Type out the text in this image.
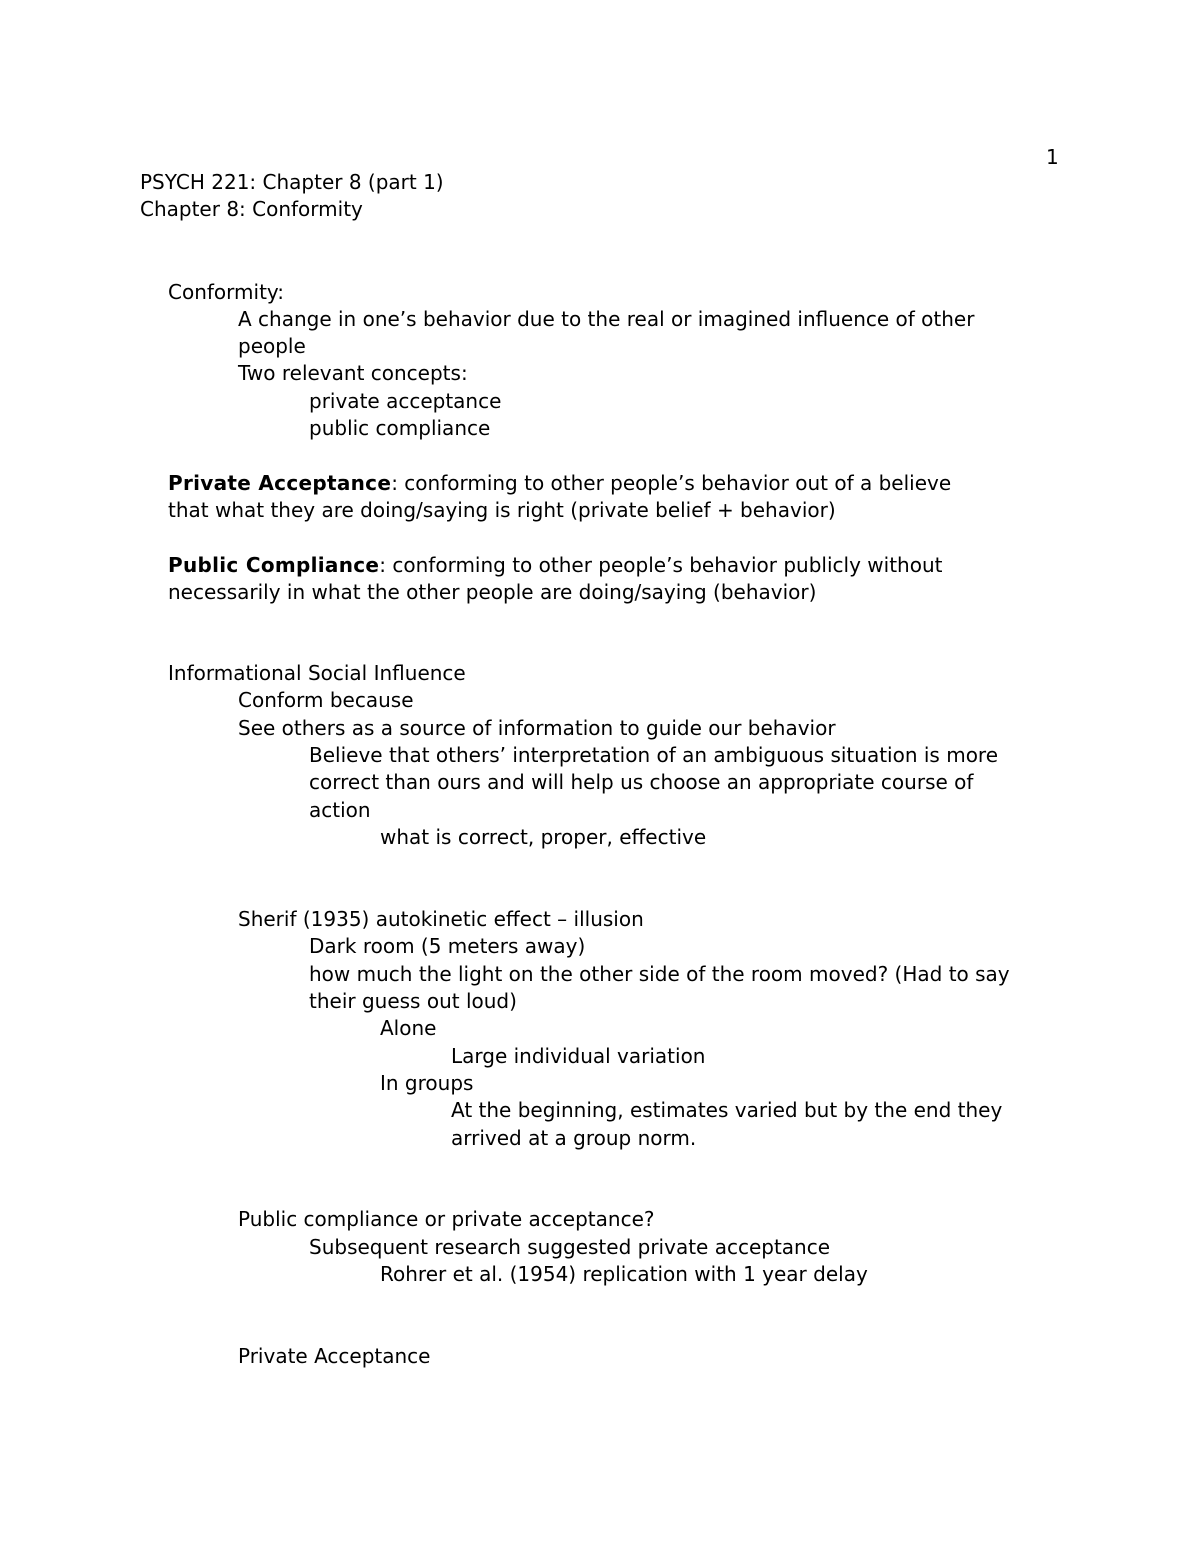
1
PSYCH 221: Chapter 8 (part 1)
Chapter 8: Conformity
Conformity:
A change in one’s behavior due to the real or imagined influence of other
people
Two relevant concepts:
private acceptance
public compliance
Private Acceptance: conforming to other people’s behavior out of a believe
that what they are doing/saying is right (private belief + behavior)
Public Compliance: conforming to other people’s behavior publicly without
necessarily in what the other people are doing/saying (behavior)
Informational Social Influence
Conform because
See others as a source of information to guide our behavior
Believe that others’ interpretation of an ambiguous situation is more
correct than ours and will help us choose an appropriate course of
action
what is correct, proper, effective
Sherif (1935) autokinetic effect – illusion
Dark room (5 meters away)
how much the light on the other side of the room moved? (Had to say
their guess out loud)
Alone
Large individual variation
In groups
At the beginning, estimates varied but by the end they
arrived at a group norm.
Public compliance or private acceptance?
Subsequent research suggested private acceptance
Rohrer et al. (1954) replication with 1 year delay
Private Acceptance
